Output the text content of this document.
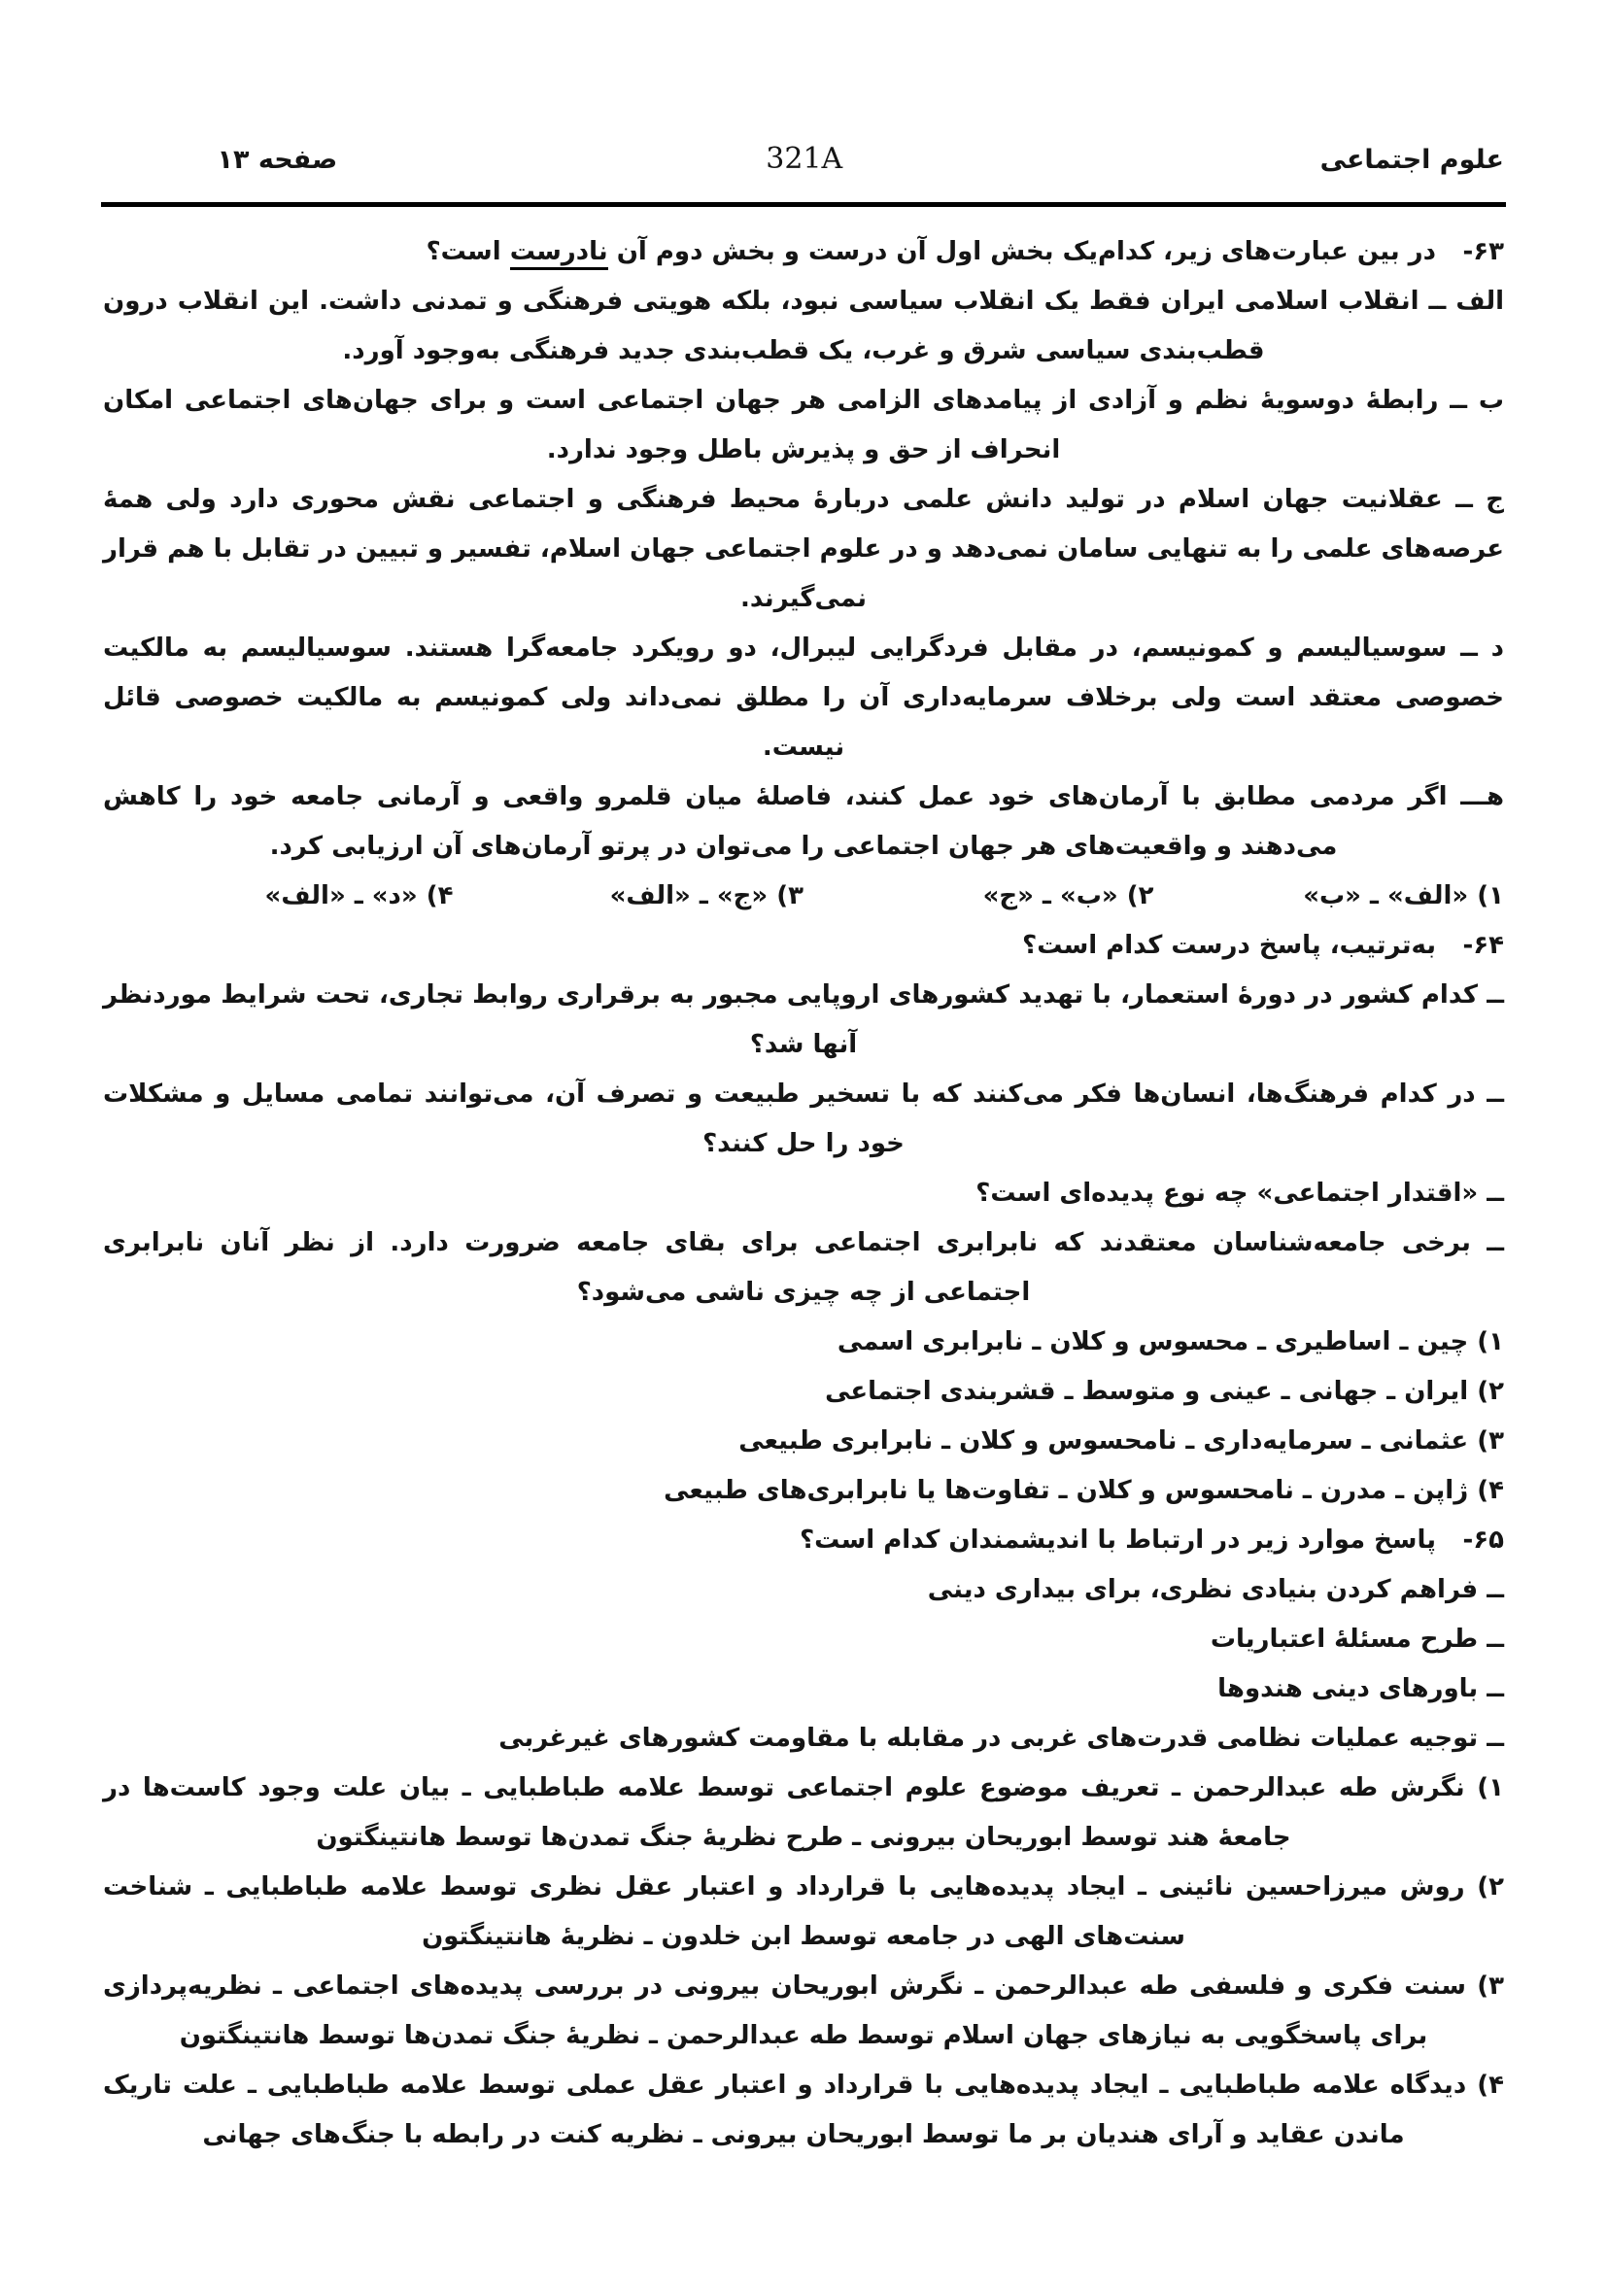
علوم اجتماعی
321A
صفحه ۱۳
۶۳-

در بین عبارت‌های زیر، کدام‌یک بخش اول آن درست و بخش دوم آن نادرست است؟

الف ــ انقلاب اسلامی ایران فقط یک انقلاب سیاسی نبود، بلکه هویتی فرهنگی و تمدنی داشت. این انقلاب درون قطب‌بندی سیاسی شرق و غرب، یک قطب‌بندی جدید فرهنگی به‌وجود آورد.

ب ــ رابطهٔ دوسویهٔ نظم و آزادی از پیامدهای الزامی هر جهان اجتماعی است و برای جهان‌های اجتماعی امکان انحراف از حق و پذیرش باطل وجود ندارد.

ج ــ عقلانیت جهان اسلام در تولید دانش علمی دربارهٔ محیط فرهنگی و اجتماعی نقش محوری دارد ولی همهٔ عرصه‌های علمی را به تنهایی سامان نمی‌دهد و در علوم اجتماعی جهان اسلام، تفسیر و تبیین در تقابل با هم قرار نمی‌گیرند.

د ــ سوسیالیسم و کمونیسم، در مقابل فردگرایی لیبرال، دو رویکرد جامعه‌گرا هستند. سوسیالیسم به مالکیت خصوصی معتقد است ولی برخلاف سرمایه‌داری آن را مطلق نمی‌داند ولی کمونیسم به مالکیت خصوصی قائل نیست.

هـــ اگر مردمی مطابق با آرمان‌های خود عمل کنند، فاصلهٔ میان قلمرو واقعی و آرمانی جامعه خود را کاهش می‌دهند و واقعیت‌های هر جهان اجتماعی را می‌توان در پرتو آرمان‌های آن ارزیابی کرد.

۱) «الف» ـ «ب»
۲) «ب» ـ «ج»
۳) «ج» ـ «الف»
۴) «د» ـ «الف»
۶۴-

به‌ترتیب، پاسخ درست کدام است؟

ــ کدام کشور در دورهٔ استعمار، با تهدید کشورهای اروپایی مجبور به برقراری روابط تجاری، تحت شرایط موردنظر آنها شد؟

ــ در کدام فرهنگ‌ها، انسان‌ها فکر می‌کنند که با تسخیر طبیعت و تصرف آن، می‌توانند تمامی مسایل و مشکلات خود را حل کنند؟

ــ «اقتدار اجتماعی» چه نوع پدیده‌ای است؟

ــ برخی جامعه‌شناسان معتقدند که نابرابری اجتماعی برای بقای جامعه ضرورت دارد. از نظر آنان نابرابری اجتماعی از چه چیزی ناشی می‌شود؟

۱) چین ـ اساطیری ـ محسوس و کلان ـ نابرابری اسمی

۲) ایران ـ جهانی ـ عینی و متوسط ـ قشربندی اجتماعی

۳) عثمانی ـ سرمایه‌داری ـ نامحسوس و کلان ـ نابرابری طبیعی

۴) ژاپن ـ مدرن ـ نامحسوس و کلان ـ تفاوت‌ها یا نابرابری‌های طبیعی

۶۵-

پاسخ موارد زیر در ارتباط با اندیشمندان کدام است؟

ــ فراهم کردن بنیادی نظری، برای بیداری دینی

ــ طرح مسئلهٔ اعتباریات

ــ باورهای دینی هندوها

ــ توجیه عملیات نظامی قدرت‌های غربی در مقابله با مقاومت کشورهای غیرغربی

۱) نگرش طه عبدالرحمن ـ تعریف موضوع علوم اجتماعی توسط علامه طباطبایی ـ بیان علت وجود کاست‌ها در جامعهٔ هند توسط ابوریحان بیرونی ـ طرح نظریهٔ جنگ تمدن‌ها توسط هانتینگتون

۲) روش میرزاحسین نائینی ـ ایجاد پدیده‌هایی با قرارداد و اعتبار عقل نظری توسط علامه طباطبایی ـ شناخت سنت‌های الهی در جامعه توسط ابن خلدون ـ نظریهٔ هانتینگتون

۳) سنت فکری و فلسفی طه عبدالرحمن ـ نگرش ابوریحان بیرونی در بررسی پدیده‌های اجتماعی ـ نظریه‌پردازی برای پاسخگویی به نیازهای جهان اسلام توسط طه عبدالرحمن ـ نظریهٔ جنگ تمدن‌ها توسط هانتینگتون

۴) دیدگاه علامه طباطبایی ـ ایجاد پدیده‌هایی با قرارداد و اعتبار عقل عملی توسط علامه طباطبایی ـ علت تاریک ماندن عقاید و آرای هندیان بر ما توسط ابوریحان بیرونی ـ نظریه کنت در رابطه با جنگ‌های جهانی
